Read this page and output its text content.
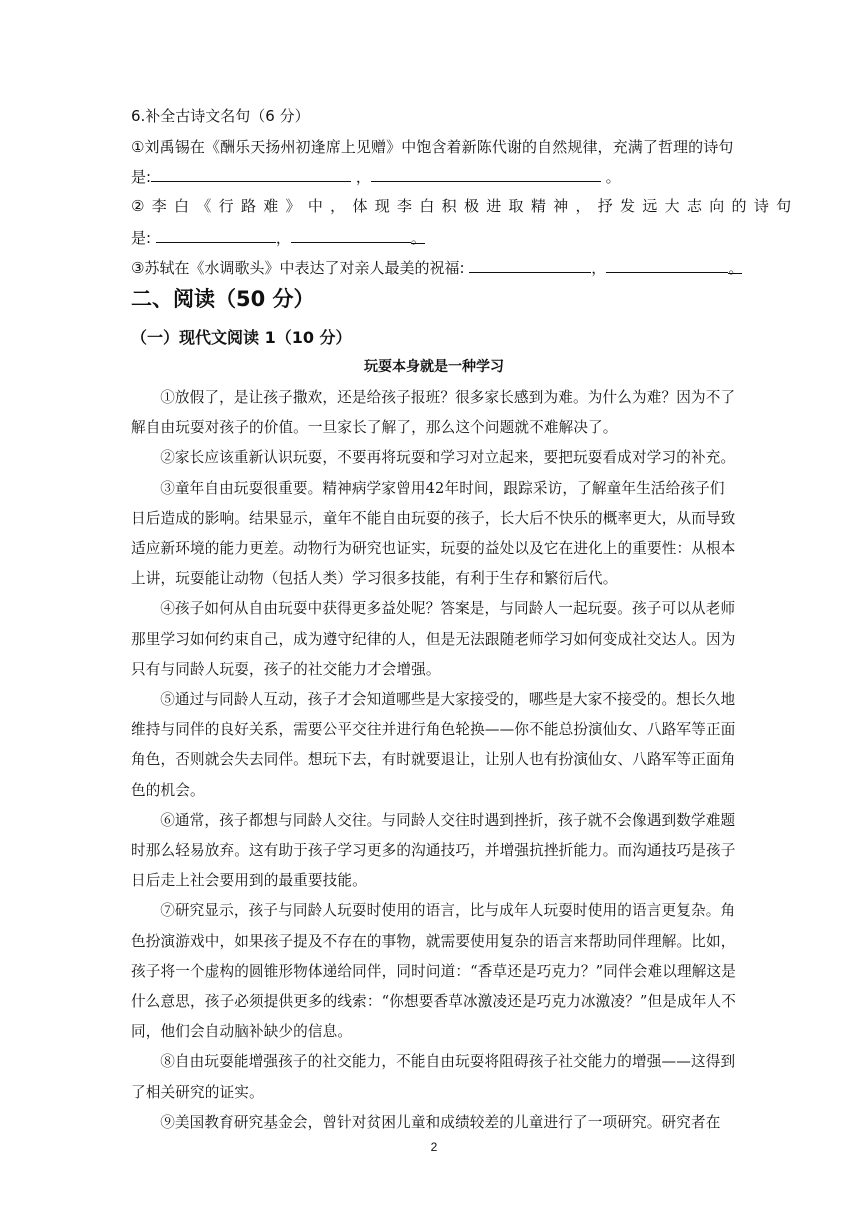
6.补全古诗文名句（6 分）
①刘禹锡在《酬乐天扬州初逢席上见赠》中饱含着新陈代谢的自然规律，充满了哲理的诗句
是:	，	。
②李白《行路难》中，体现李白积极进取精神，抒发远大志向的诗句
是:	，	。
③苏轼在《水调歌头》中表达了对亲人最美的祝福:	，	。
二、阅读（50 分）
（一）现代文阅读 1（10 分）
玩耍本身就是一种学习

①放假了，是让孩子撒欢，还是给孩子报班？很多家长感到为难。为什么为难？因为不了解自由玩耍对孩子的价值。一旦家长了解了，那么这个问题就不难解决了。

②家长应该重新认识玩耍，不要再将玩耍和学习对立起来，要把玩耍看成对学习的补充。

③童年自由玩耍很重要。精神病学家曾用42年时间，跟踪采访，了解童年生活给孩子们日后造成的影响。结果显示，童年不能自由玩耍的孩子，长大后不快乐的概率更大，从而导致适应新环境的能力更差。动物行为研究也证实，玩耍的益处以及它在进化上的重要性：从根本上讲，玩耍能让动物（包括人类）学习很多技能，有利于生存和繁衍后代。

④孩子如何从自由玩耍中获得更多益处呢？答案是，与同龄人一起玩耍。孩子可以从老师那里学习如何约束自己，成为遵守纪律的人，但是无法跟随老师学习如何变成社交达人。因为只有与同龄人玩耍，孩子的社交能力才会增强。

⑤通过与同龄人互动，孩子才会知道哪些是大家接受的，哪些是大家不接受的。想长久地维持与同伴的良好关系，需要公平交往并进行角色轮换——你不能总扮演仙女、八路军等正面角色，否则就会失去同伴。想玩下去，有时就要退让，让别人也有扮演仙女、八路军等正面角色的机会。

⑥通常，孩子都想与同龄人交往。与同龄人交往时遇到挫折，孩子就不会像遇到数学难题时那么轻易放弃。这有助于孩子学习更多的沟通技巧，并增强抗挫折能力。而沟通技巧是孩子日后走上社会要用到的最重要技能。

⑦研究显示，孩子与同龄人玩耍时使用的语言，比与成年人玩耍时使用的语言更复杂。角色扮演游戏中，如果孩子提及不存在的事物，就需要使用复杂的语言来帮助同伴理解。比如，孩子将一个虚构的圆锥形物体递给同伴，同时问道：“香草还是巧克力？”同伴会难以理解这是什么意思，孩子必须提供更多的线索：“你想要香草冰激凌还是巧克力冰激凌？”但是成年人不同，他们会自动脑补缺少的信息。

⑧自由玩耍能增强孩子的社交能力，不能自由玩耍将阻碍孩子社交能力的增强——这得到了相关研究的证实。

⑨美国教育研究基金会，曾针对贫困儿童和成绩较差的儿童进行了一项研究。研究者在

2
